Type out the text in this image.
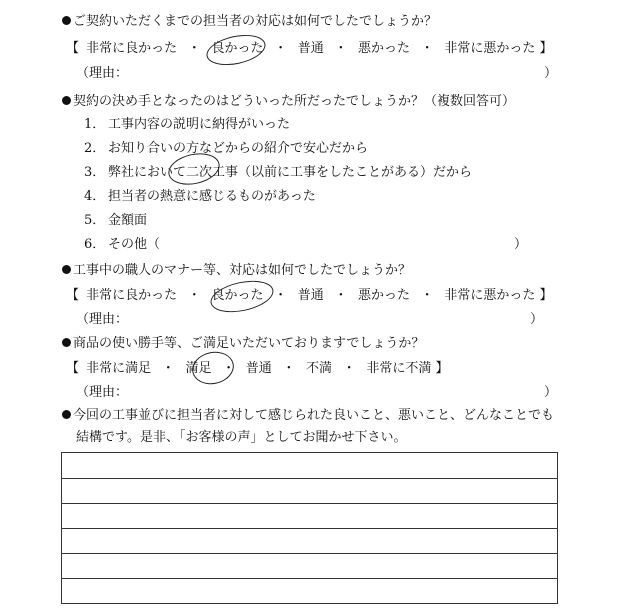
ご契約いただくまでの担当者の対応は如何でしたでしょうか？
【 非常に良かった ・ 良かった ・ 普通 ・ 悪かった ・ 非常に悪かった 】
（理由：	）
契約の決め手となったのはどういった所だったでしょうか？（複数回答可）
1． 工事内容の説明に納得がいった
2． お知り合いの方などからの紹介で安心だから
3． 弊社において二次工事（以前に工事をしたことがある）だから
4． 担当者の熱意に感じるものがあった
5． 金額面
6． その他（	）
工事中の職人のマナー等、対応は如何でしたでしょうか？
【 非常に良かった ・ 良かった ・ 普通 ・ 悪かった ・ 非常に悪かった 】
（理由：	）
商品の使い勝手等、ご満足いただいておりますでしょうか？
【 非常に満足 ・ 満足 ・ 普通 ・ 不満 ・ 非常に不満 】
（理由：	）
今回の工事並びに担当者に対して感じられた良いこと、悪いこと、どんなことでも
結構です。是非、「お客様の声」としてお聞かせ下さい。
